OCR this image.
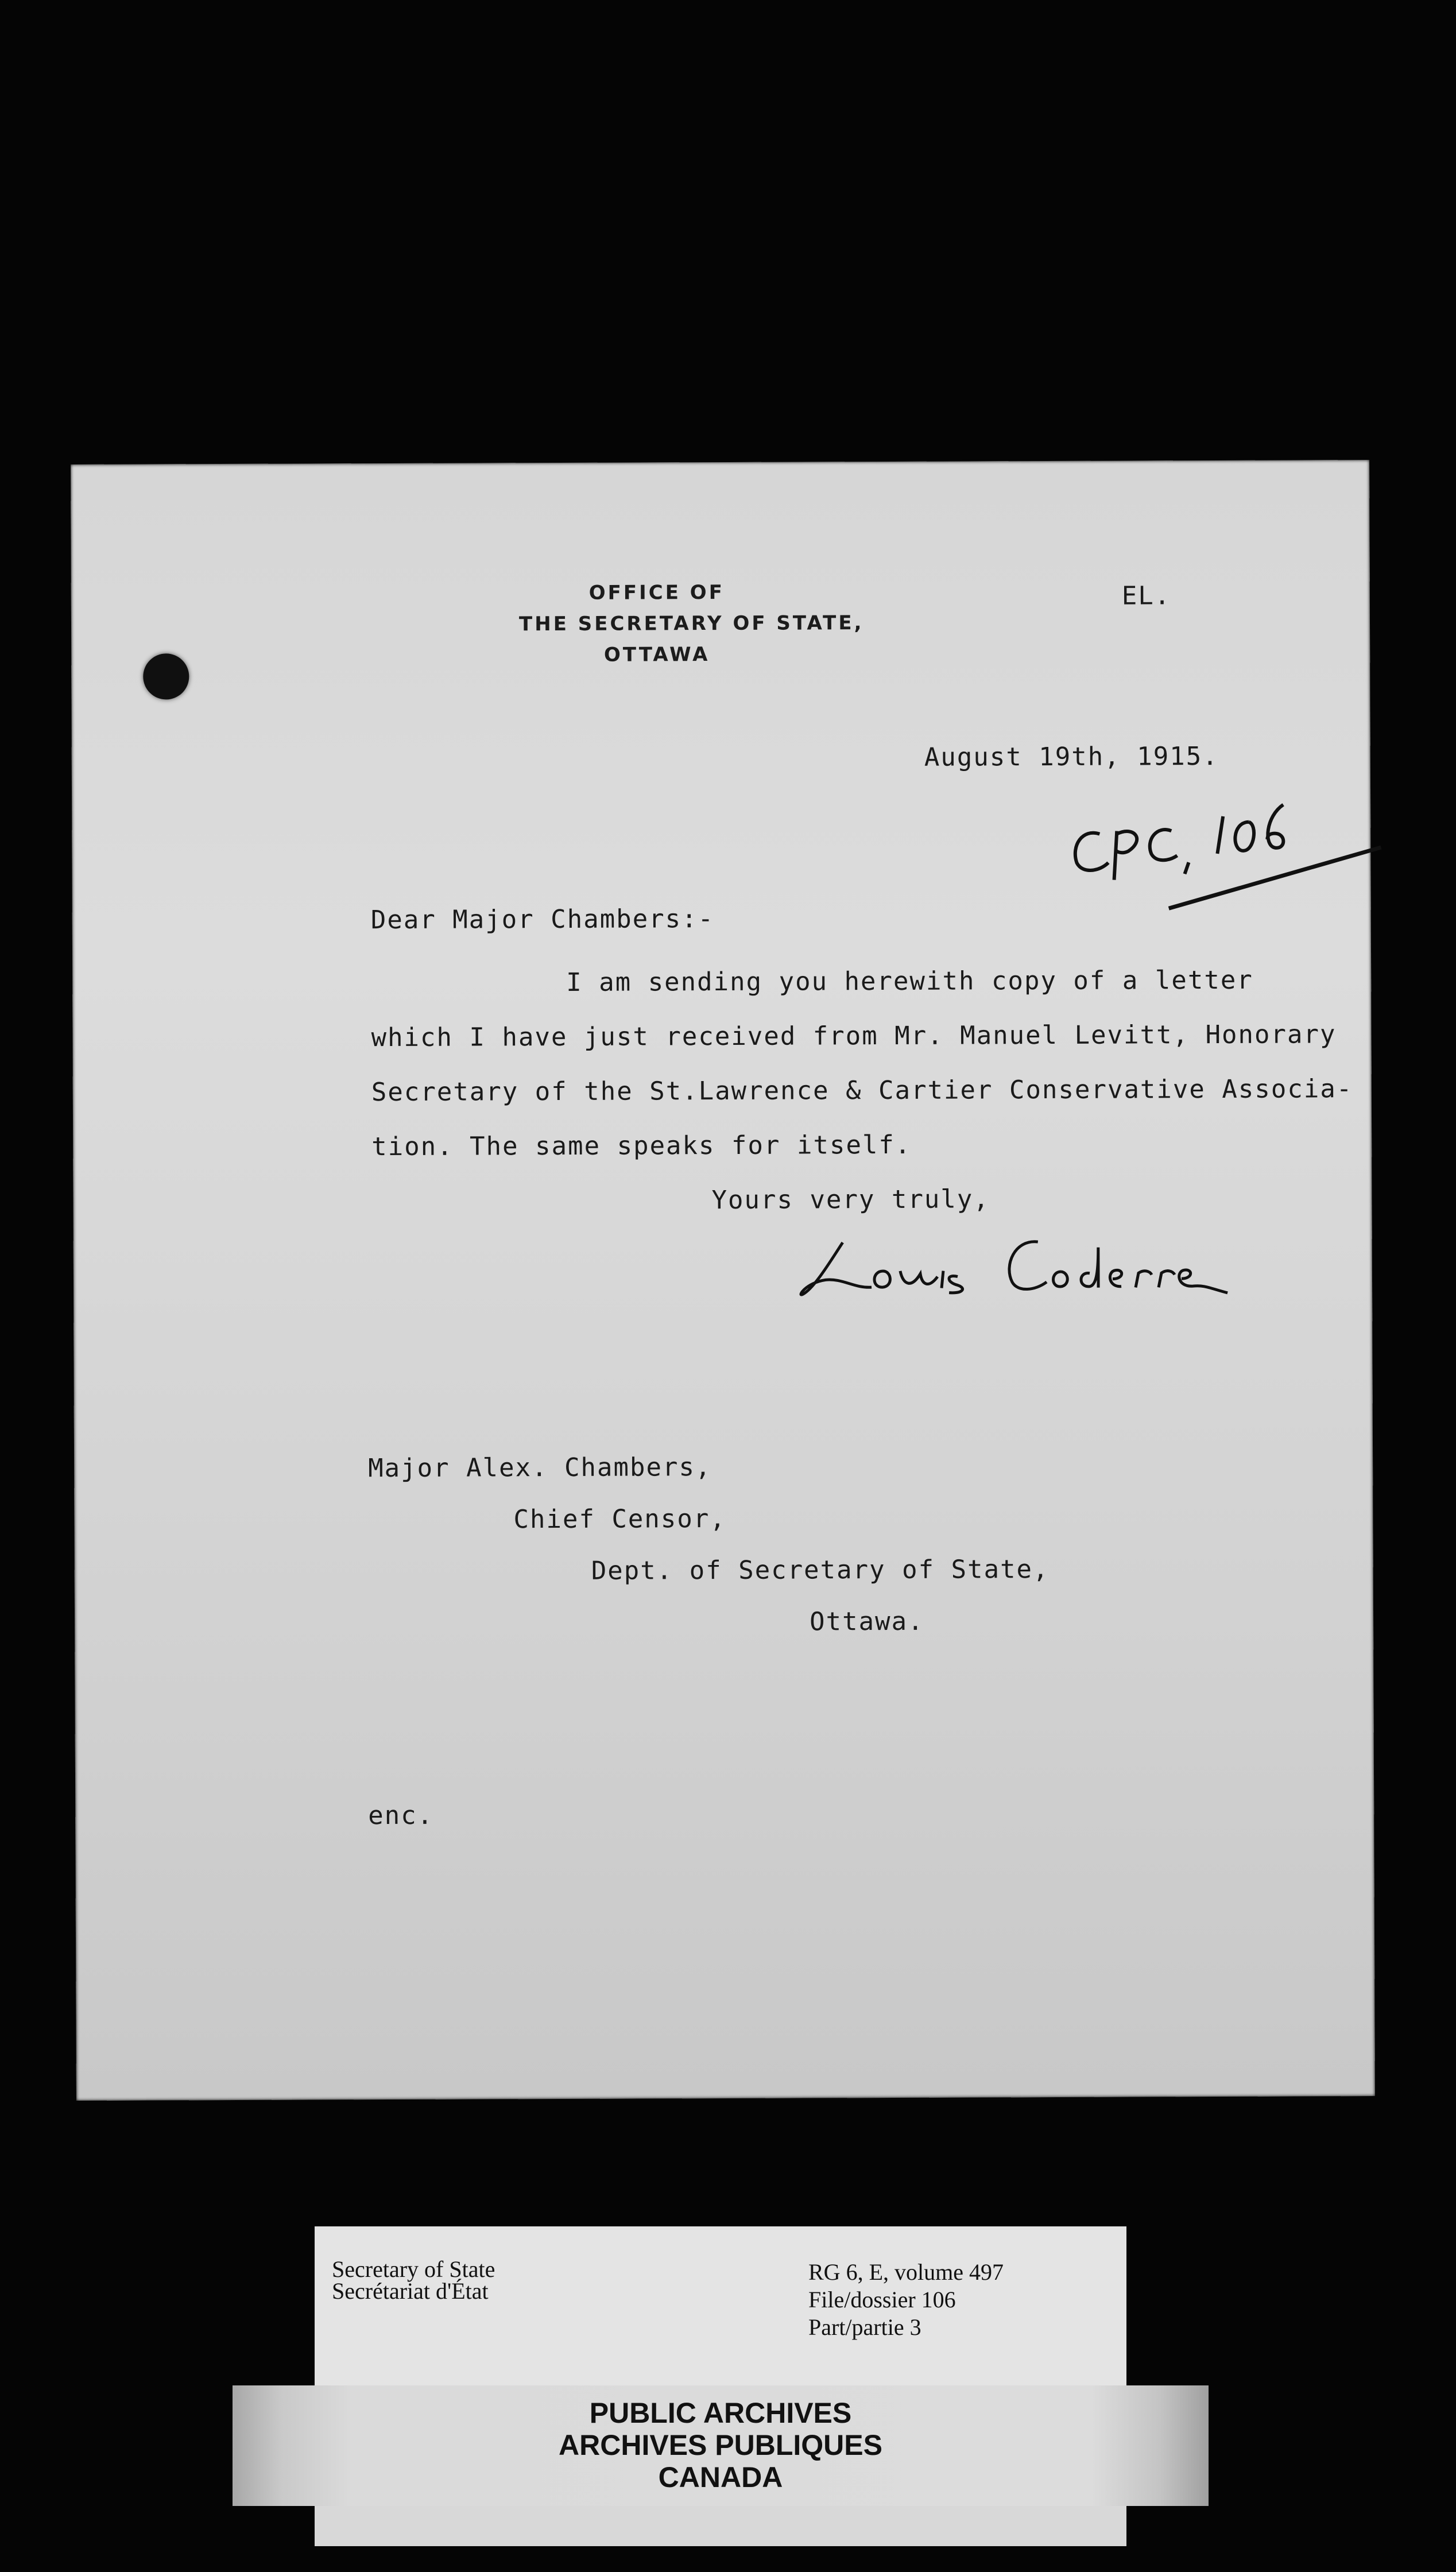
OFFICE OF
THE SECRETARY OF STATE,
OTTAWA
EL.
August 19th, 1915.
Dear Major Chambers:-
I am sending you herewith copy of a letter
which I have just received from Mr. Manuel Levitt, Honorary
Secretary of the St.Lawrence & Cartier Conservative Associa-
tion. The same speaks for itself.
Yours very truly,
Major Alex. Chambers,
Chief Censor,
Dept. of Secretary of State,
Ottawa.
enc.
Secretary of State
Secrétariat d'État
RG 6, E, volume 497
File/dossier 106
Part/partie 3
PUBLIC ARCHIVES
ARCHIVES PUBLIQUES
CANADA
